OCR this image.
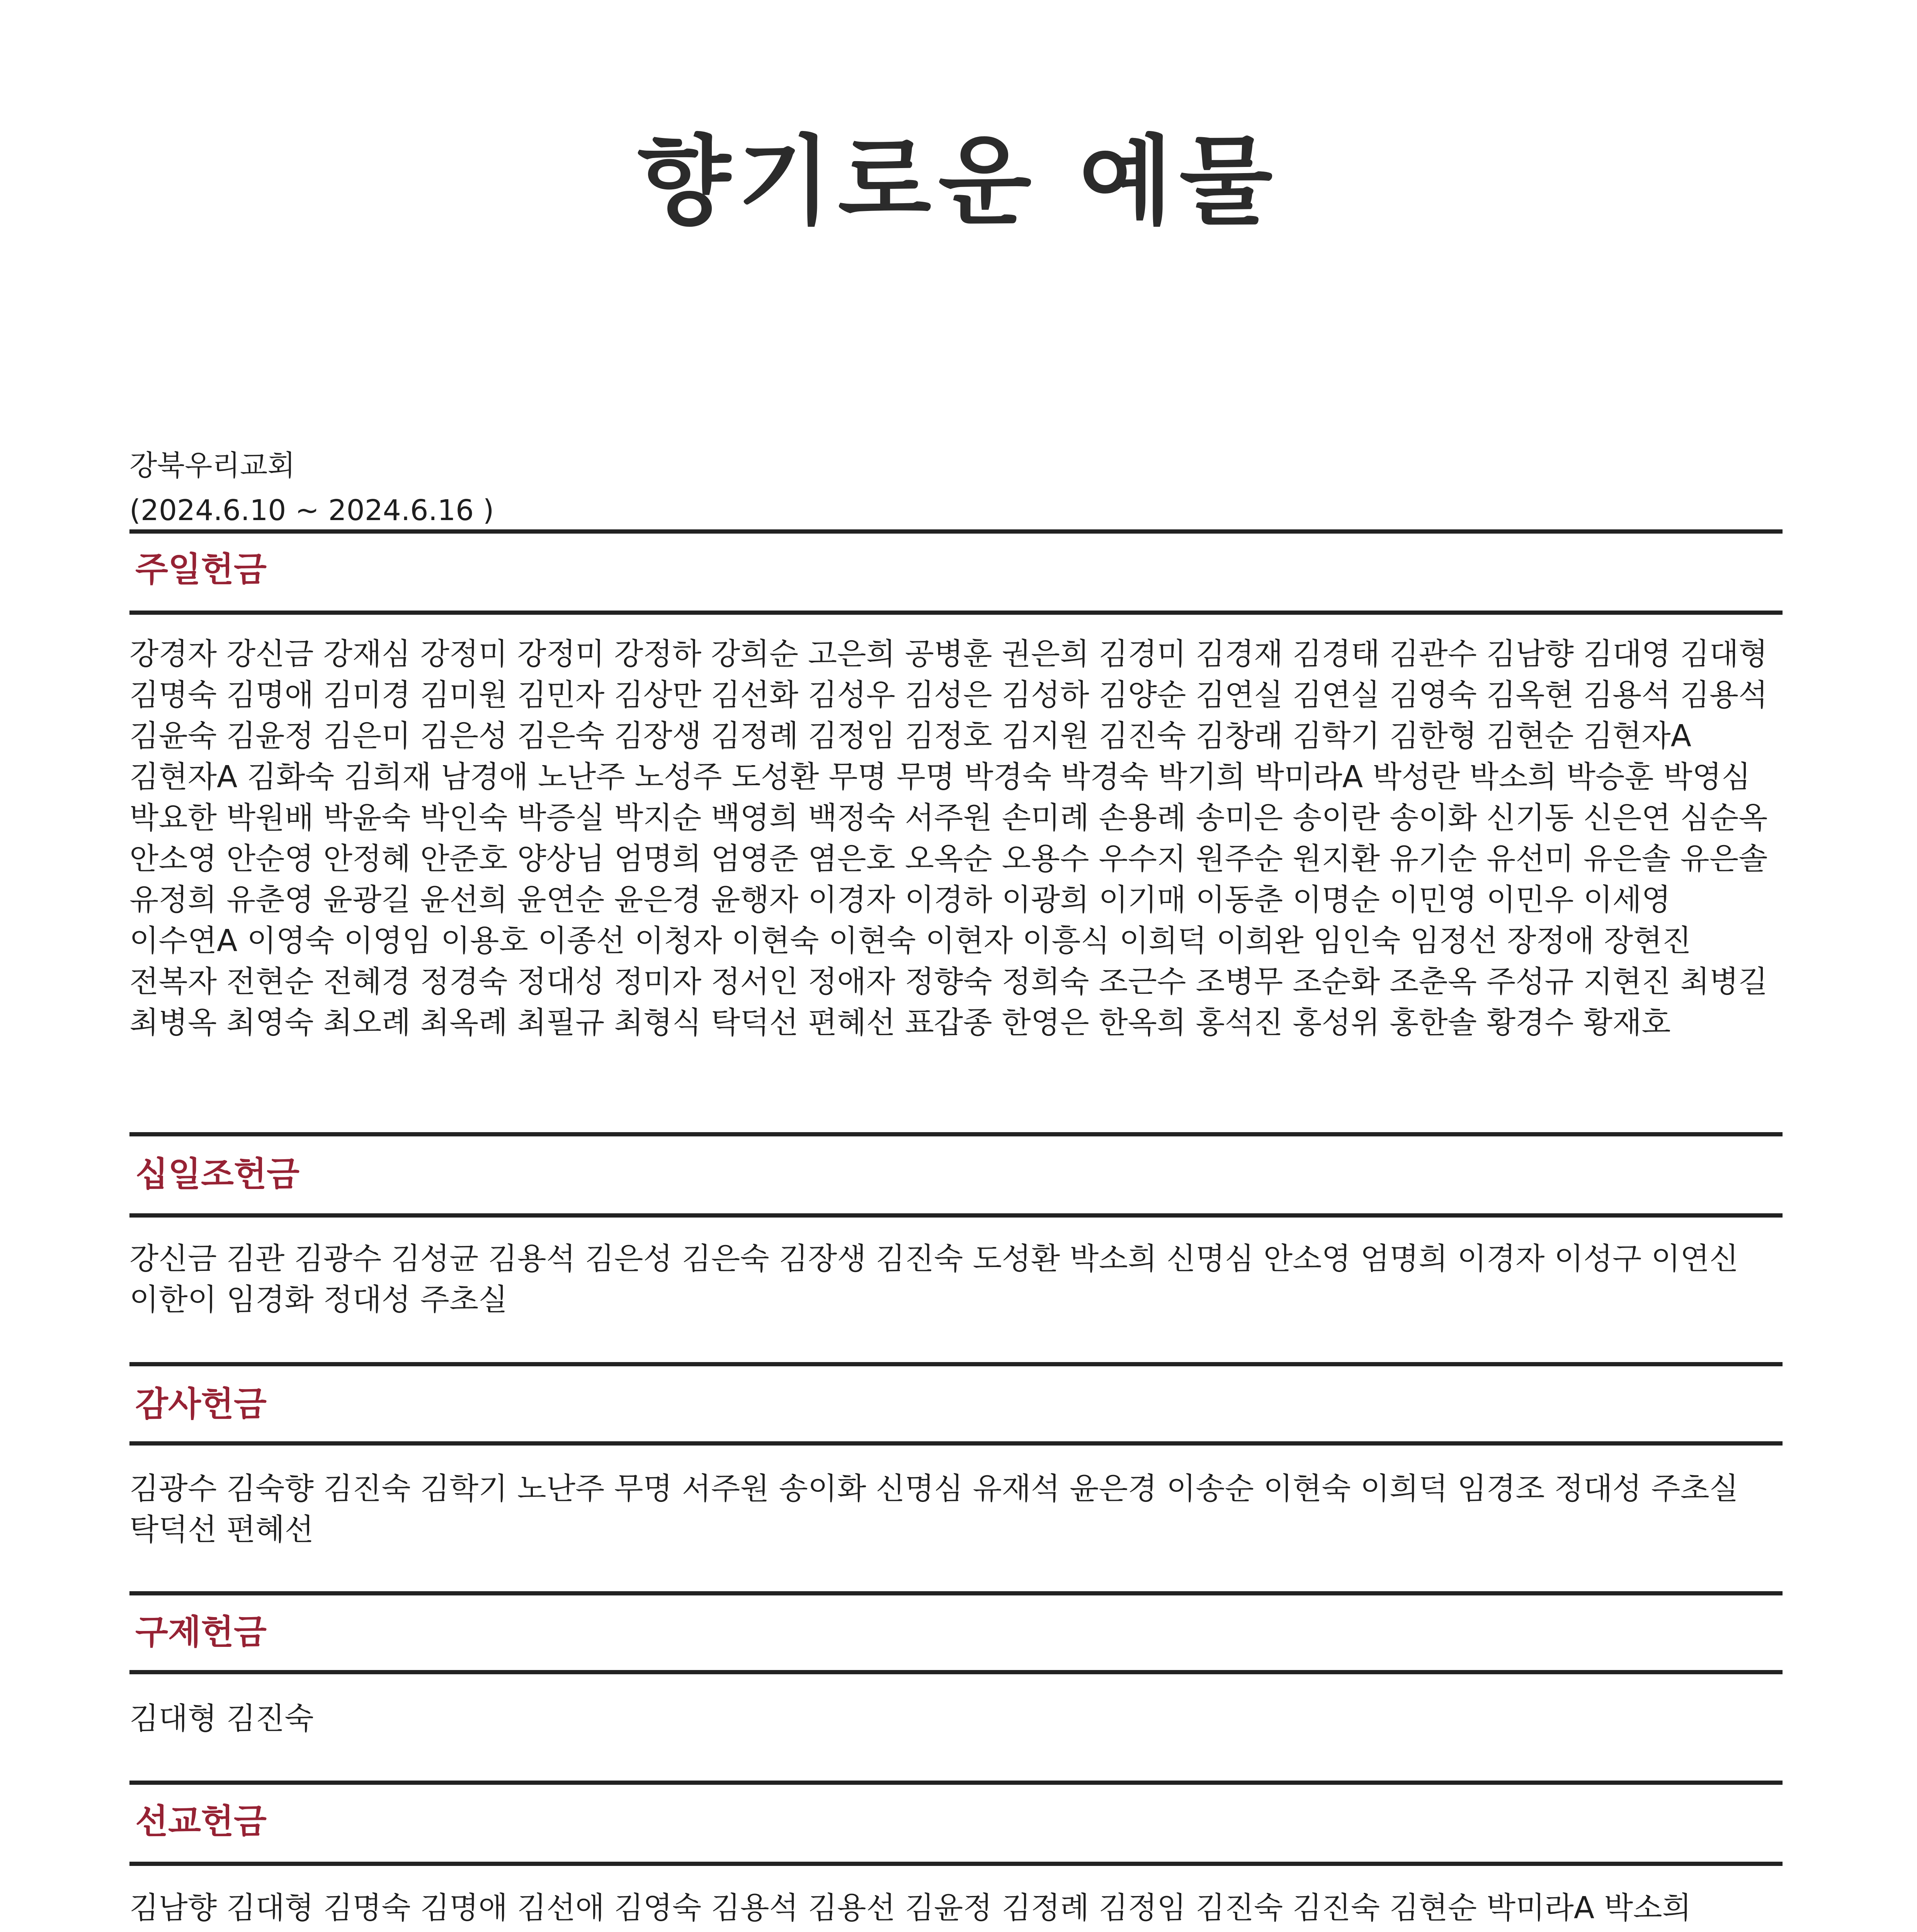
향기로운 예물
강북우리교회
(2024.6.10 ~ 2024.6.16 )
주일헌금
강경자 강신금 강재심 강정미 강정미 강정하 강희순 고은희 공병훈 권은희 김경미 김경재 김경태 김관수 김남향 김대영 김대형 김명숙 김명애 김미경 김미원 김민자 김상만 김선화 김성우 김성은 김성하 김양순 김연실 김연실 김영숙 김옥현 김용석 김용석 김윤숙 김윤정 김은미 김은성 김은숙 김장생 김정례 김정임 김정호 김지원 김진숙 김창래 김학기 김한형 김현순 김현자A 김현자A 김화숙 김희재 남경애 노난주 노성주 도성환 무명 무명 박경숙 박경숙 박기희 박미라A 박성란 박소희 박승훈 박영심 박요한 박원배 박윤숙 박인숙 박증실 박지순 백영희 백정숙 서주원 손미례 손용례 송미은 송이란 송이화 신기동 신은연 심순옥 안소영 안순영 안정혜 안준호 양상님 엄명희 엄영준 염은호 오옥순 오용수 우수지 원주순 원지환 유기순 유선미 유은솔 유은솔 유정희 유춘영 윤광길 윤선희 윤연순 윤은경 윤행자 이경자 이경하 이광희 이기매 이동춘 이명순 이민영 이민우 이세영 이수연A 이영숙 이영임 이용호 이종선 이청자 이현숙 이현숙 이현자 이흥식 이희덕 이희완 임인숙 임정선 장정애 장현진 전복자 전현순 전혜경 정경숙 정대성 정미자 정서인 정애자 정향숙 정희숙 조근수 조병무 조순화 조춘옥 주성규 지현진 최병길 최병옥 최영숙 최오례 최옥례 최필규 최형식 탁덕선 편혜선 표갑종 한영은 한옥희 홍석진 홍성위 홍한솔 황경수 황재호
십일조헌금
강신금 김관 김광수 김성균 김용석 김은성 김은숙 김장생 김진숙 도성환 박소희 신명심 안소영 엄명희 이경자 이성구 이연신 이한이 임경화 정대성 주초실
감사헌금
김광수 김숙향 김진숙 김학기 노난주 무명 서주원 송이화 신명심 유재석 윤은경 이송순 이현숙 이희덕 임경조 정대성 주초실 탁덕선 편혜선
구제헌금
김대형 김진숙
선교헌금
김남향 김대형 김명숙 김명애 김선애 김영숙 김용석 김용선 김윤정 김정례 김정임 김진숙 김진숙 김현순 박미라A 박소희
